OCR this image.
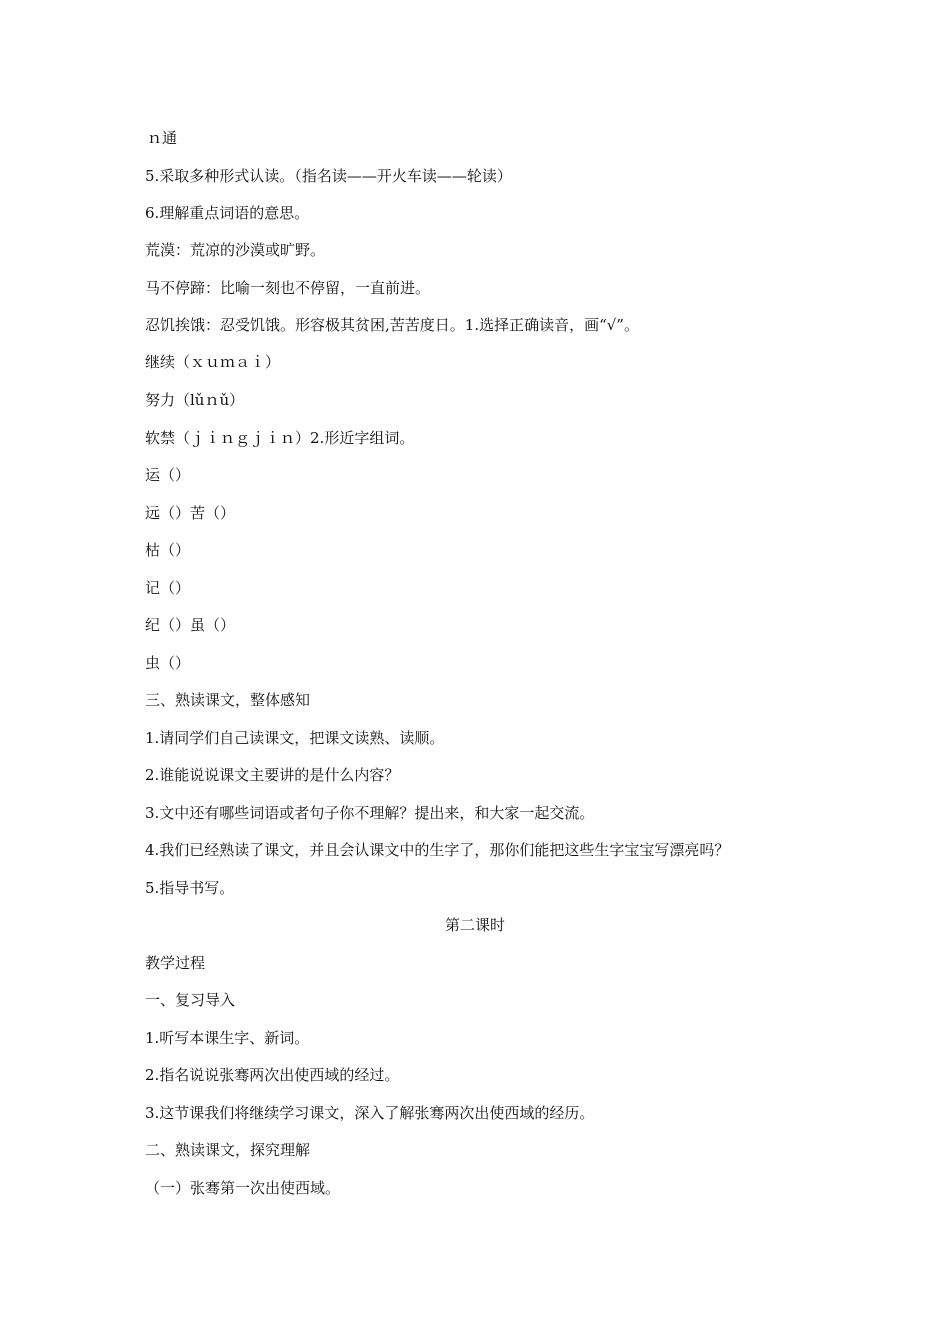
ｎ通
5.采取多种形式认读。（指名读——开火车读——轮读）
6.理解重点词语的意思。
荒漠：荒凉的沙漠或旷野。
马不停蹄：比喻一刻也不停留，一直前进。
忍饥挨饿：忍受饥饿。形容极其贫困,苦苦度日。1.选择正确读音，画“√”。
继续（ｘｕｍａｉ）
努力（lǔｎǔ）
软禁（ｊｉｎｇｊｉｎ）2.形近字组词。
运（）
远（）苦（）
枯（）
记（）
纪（）虽（）
虫（）
三、熟读课文，整体感知
1.请同学们自己读课文，把课文读熟、读顺。
2.谁能说说课文主要讲的是什么内容？
3.文中还有哪些词语或者句子你不理解？提出来，和大家一起交流。
4.我们已经熟读了课文，并且会认课文中的生字了，那你们能把这些生字宝宝写漂亮吗？
5.指导书写。
第二课时
教学过程
一、复习导入
1.听写本课生字、新词。
2.指名说说张骞两次出使西域的经过。
3.这节课我们将继续学习课文，深入了解张骞两次出使西域的经历。
二、熟读课文，探究理解
（一）张骞第一次出使西域。
